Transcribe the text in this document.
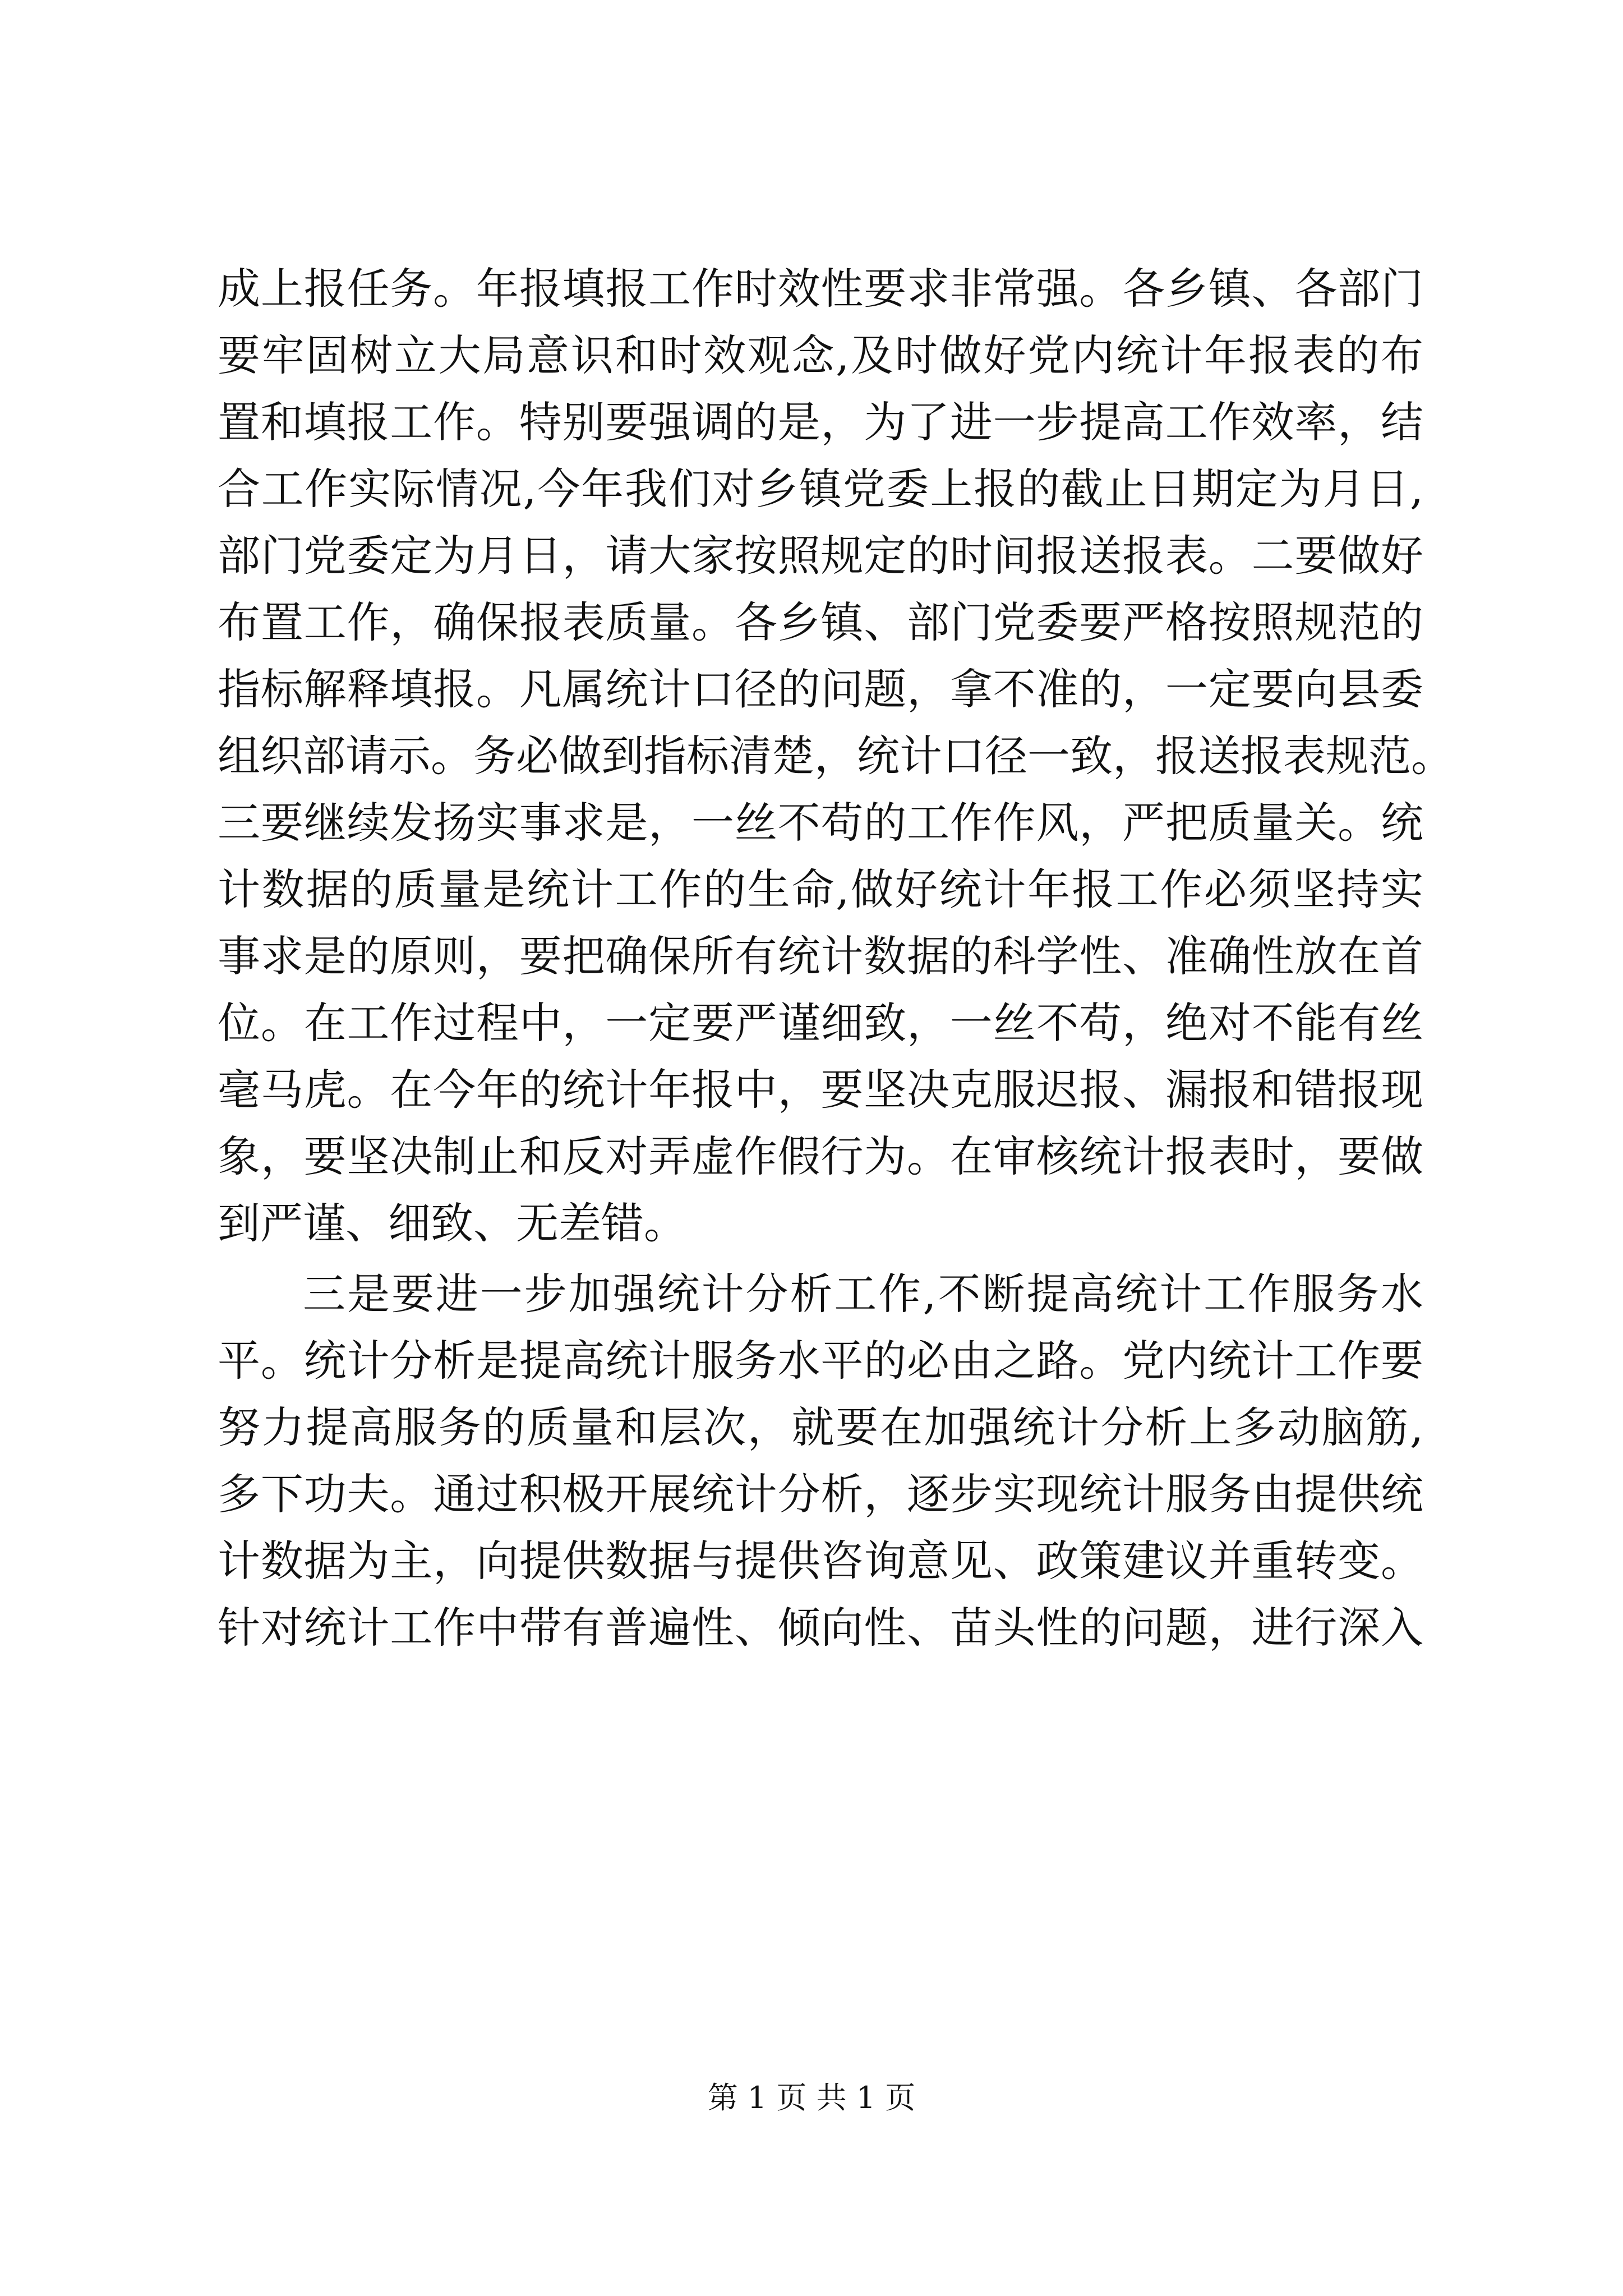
成上报任务。年报填报工作时效性要求非常强。各乡镇、各部门
要牢固树立大局意识和时效观念,及时做好党内统计年报表的布
置和填报工作。特别要强调的是，为了进一步提高工作效率，结
合工作实际情况,今年我们对乡镇党委上报的截止日期定为月日,
部门党委定为月日，请大家按照规定的时间报送报表。二要做好
布置工作，确保报表质量。各乡镇、部门党委要严格按照规范的
指标解释填报。凡属统计口径的问题，拿不准的，一定要向县委
组织部请示。务必做到指标清楚，统计口径一致，报送报表规范。
三要继续发扬实事求是，一丝不苟的工作作风，严把质量关。统
计数据的质量是统计工作的生命,做好统计年报工作必须坚持实
事求是的原则，要把确保所有统计数据的科学性、准确性放在首
位。在工作过程中，一定要严谨细致，一丝不苟，绝对不能有丝
毫马虎。在今年的统计年报中，要坚决克服迟报、漏报和错报现
象，要坚决制止和反对弄虚作假行为。在审核统计报表时，要做
到严谨、细致、无差错。
三是要进一步加强统计分析工作,不断提高统计工作服务水
平。统计分析是提高统计服务水平的必由之路。党内统计工作要
努力提高服务的质量和层次，就要在加强统计分析上多动脑筋,
多下功夫。通过积极开展统计分析，逐步实现统计服务由提供统
计数据为主，向提供数据与提供咨询意见、政策建议并重转变。
针对统计工作中带有普遍性、倾向性、苗头性的问题，进行深入
第 1 页 共 1 页
